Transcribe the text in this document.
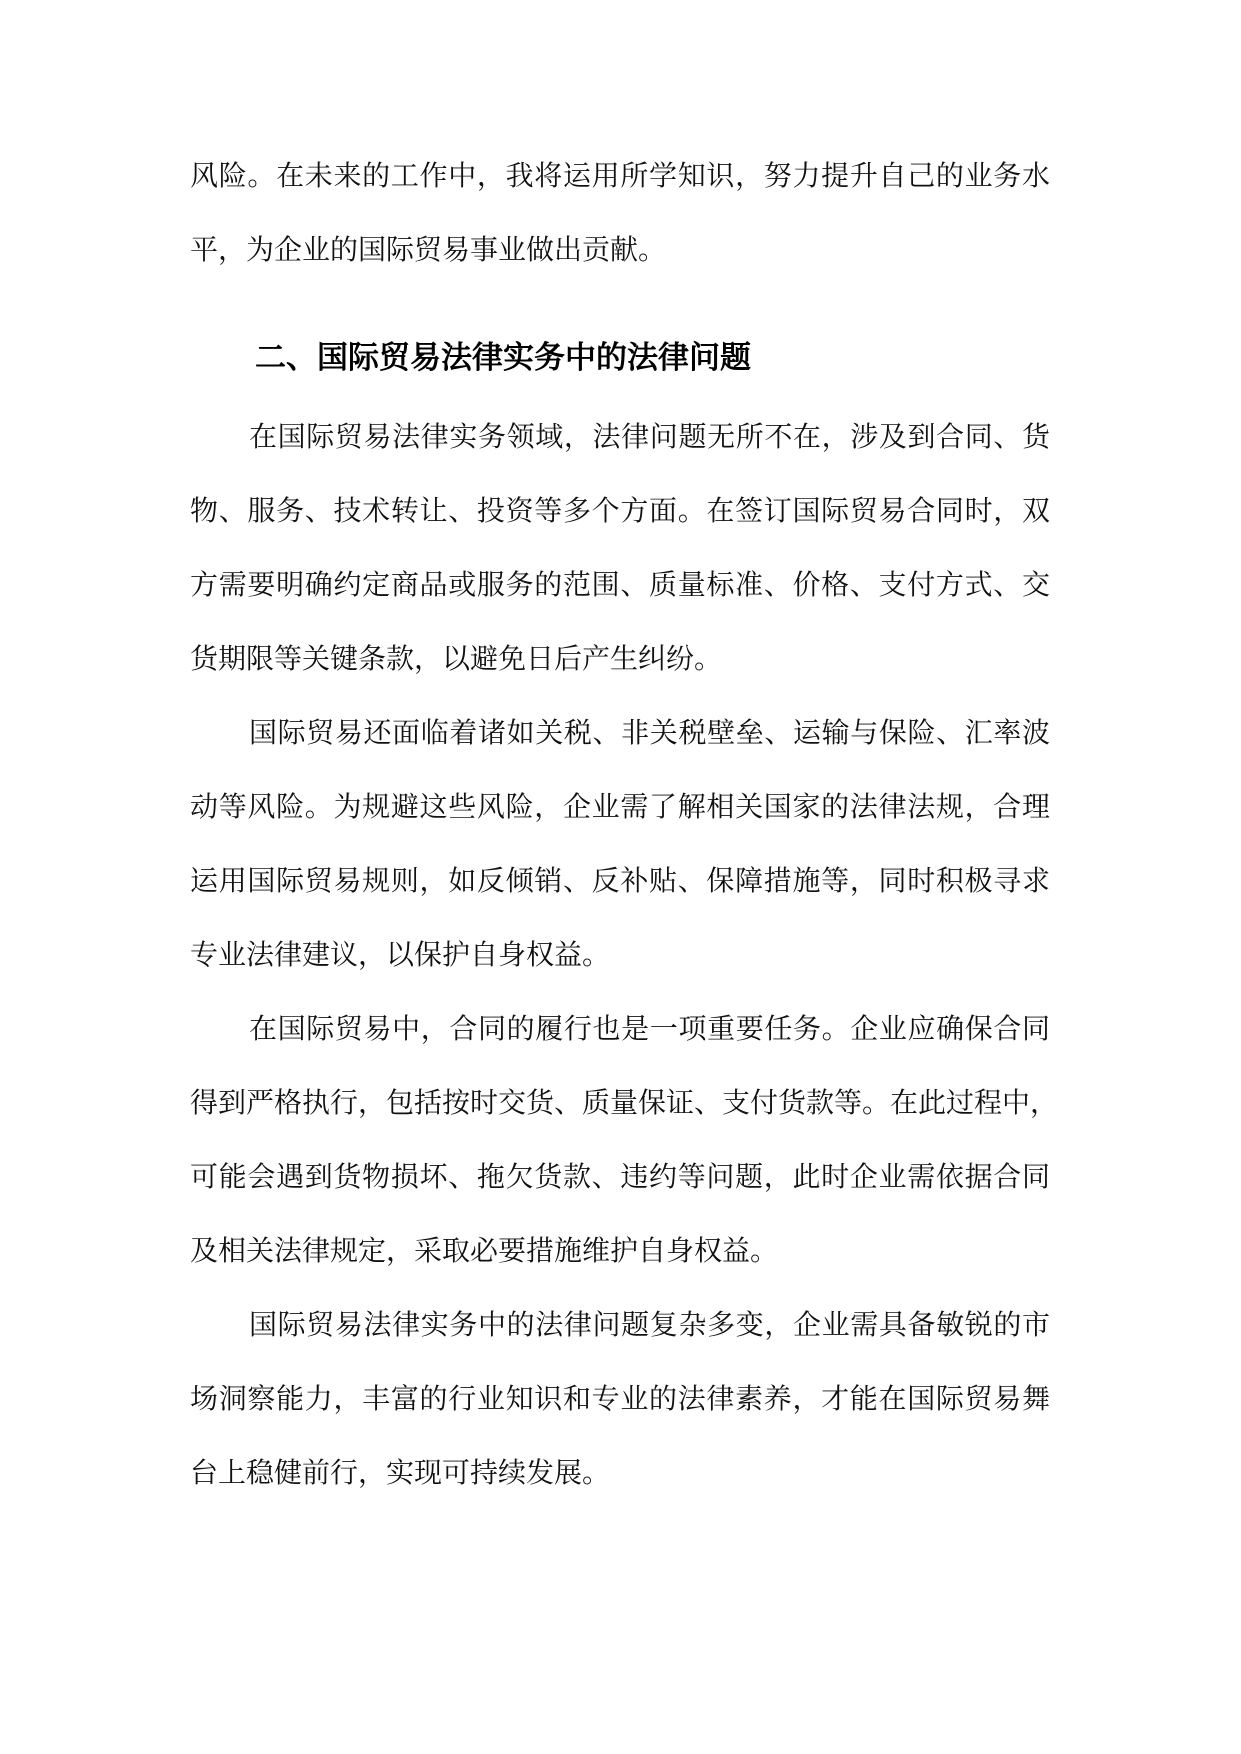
风险。在未来的工作中，我将运用所学知识，努力提升自己的业务水

平，为企业的国际贸易事业做出贡献。

二、国际贸易法律实务中的法律问题

在国际贸易法律实务领域，法律问题无所不在，涉及到合同、货

物、服务、技术转让、投资等多个方面。在签订国际贸易合同时，双

方需要明确约定商品或服务的范围、质量标准、价格、支付方式、交

货期限等关键条款，以避免日后产生纠纷。

国际贸易还面临着诸如关税、非关税壁垒、运输与保险、汇率波

动等风险。为规避这些风险，企业需了解相关国家的法律法规，合理

运用国际贸易规则，如反倾销、反补贴、保障措施等，同时积极寻求

专业法律建议，以保护自身权益。

在国际贸易中，合同的履行也是一项重要任务。企业应确保合同

得到严格执行，包括按时交货、质量保证、支付货款等。在此过程中，

可能会遇到货物损坏、拖欠货款、违约等问题，此时企业需依据合同

及相关法律规定，采取必要措施维护自身权益。

国际贸易法律实务中的法律问题复杂多变，企业需具备敏锐的市

场洞察能力，丰富的行业知识和专业的法律素养，才能在国际贸易舞

台上稳健前行，实现可持续发展。
